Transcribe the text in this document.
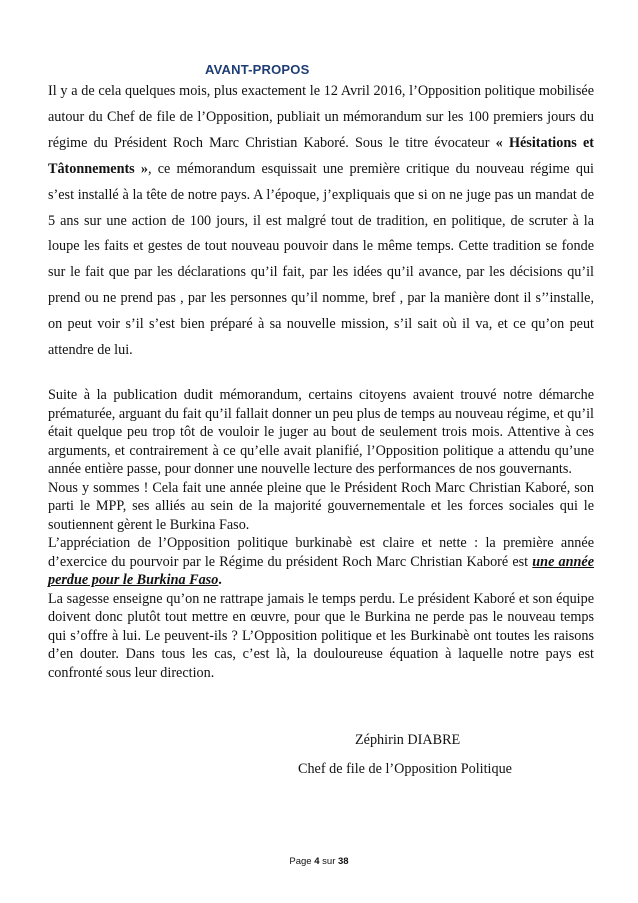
AVANT-PROPOS
Il y a de cela quelques mois, plus exactement le 12 Avril 2016, l’Opposition politique mobilisée autour du Chef de file de l’Opposition, publiait un mémorandum sur les 100 premiers jours du régime du Président Roch Marc Christian Kaboré. Sous le titre évocateur « Hésitations et Tâtonnements », ce mémorandum esquissait une première critique du nouveau régime qui s’est installé à la tête de notre pays. A l’époque, j’expliquais que si on ne juge pas un mandat de 5 ans sur une action de 100 jours, il est malgré tout de tradition, en politique, de scruter à la loupe les faits et gestes de tout nouveau pouvoir dans le même temps. Cette tradition se fonde sur le fait que par les déclarations qu’il fait, par les idées qu’il avance, par les décisions qu’il prend ou ne prend pas , par les personnes qu’il nomme, bref , par la manière dont il s’’installe, on peut voir s’il s’est bien préparé à sa nouvelle mission, s’il sait où il va, et ce qu’on peut attendre de lui.

Suite à la publication dudit mémorandum, certains citoyens avaient trouvé notre démarche prématurée, arguant du fait qu’il fallait donner un peu plus de temps au nouveau régime, et qu’il était quelque peu trop tôt de vouloir le juger au bout de seulement trois mois. Attentive à ces arguments, et contrairement à ce qu’elle avait planifié, l’Opposition politique a attendu qu’une année entière passe, pour donner une nouvelle lecture des performances de nos gouvernants.

Nous y sommes ! Cela fait une année pleine que le Président Roch Marc Christian Kaboré, son parti le MPP, ses alliés au sein de la majorité gouvernementale et les forces sociales qui le soutiennent gèrent le Burkina Faso.

L’appréciation de l’Opposition politique burkinabè est claire et nette : la première année d’exercice du pourvoir par le Régime du président Roch Marc Christian Kaboré est une année perdue pour le Burkina Faso.

La sagesse enseigne qu’on ne rattrape jamais le temps perdu. Le président Kaboré et son équipe doivent donc plutôt tout mettre en œuvre, pour que le Burkina ne perde pas le nouveau temps qui s’offre à lui. Le peuvent-ils ? L’Opposition politique et les Burkinabè ont toutes les raisons d’en douter. Dans tous les cas, c’est là, la douloureuse équation à laquelle notre pays est confronté sous leur direction.

Zéphirin DIABRE
Chef de file de l’Opposition Politique
Page 4 sur 38
